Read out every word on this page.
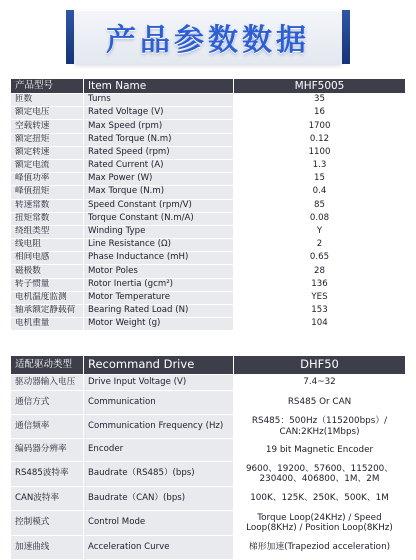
产品参数数据
产品型号	Item Name	MHF5005
匝数	Turns	35
额定电压	Rated Voltage (V)	16
空载转速	Max Speed (rpm)	1700
额定扭矩	Rated Torque (N.m)	0.12
额定转速	Rated Speed (rpm)	1100
额定电流	Rated Current (A)	1.3
峰值功率	Max Power (W)	15
峰值扭矩	Max Torque (N.m)	0.4
转速常数	Speed Constant (rpm/V)	85
扭矩常数	Torque Constant (N.m/A)	0.08
绕组类型	Winding Type	Y
线电阻	Line Resistance (Ω)	2
相间电感	Phase Inductance (mH)	0.65
磁极数	Motor Poles	28
转子惯量	Rotor Inertia (gcm²)	136
电机温度监测	Motor Temperature	YES
轴承额定静载荷	Bearing Rated Load (N)	153
电机重量	Motor Weight (g)	104
适配驱动类型	Recommand Drive	DHF50
驱动器输入电压	Drive Input Voltage (V)	7.4~32
通信方式	Communication	RS485 Or CAN
通信频率	Communication Frequency (Hz)	RS485：500Hz（115200bps）/ CAN:2KHz(1Mbps)
编码器分辨率	Encoder	19 bit Magnetic Encoder
RS485波特率	Baudrate（RS485）(bps)	9600、19200、57600、115200、230400、406800、1M、2M
CAN波特率	Baudrate（CAN）(bps)	100K、125K、250K、500K、1M
控制模式	Control Mode	Torque Loop(24KHz) / Speed Loop(8KHz) / Position Loop(8KHz)
加速曲线	Acceleration Curve	梯形加速(Trapeziod acceleration)
